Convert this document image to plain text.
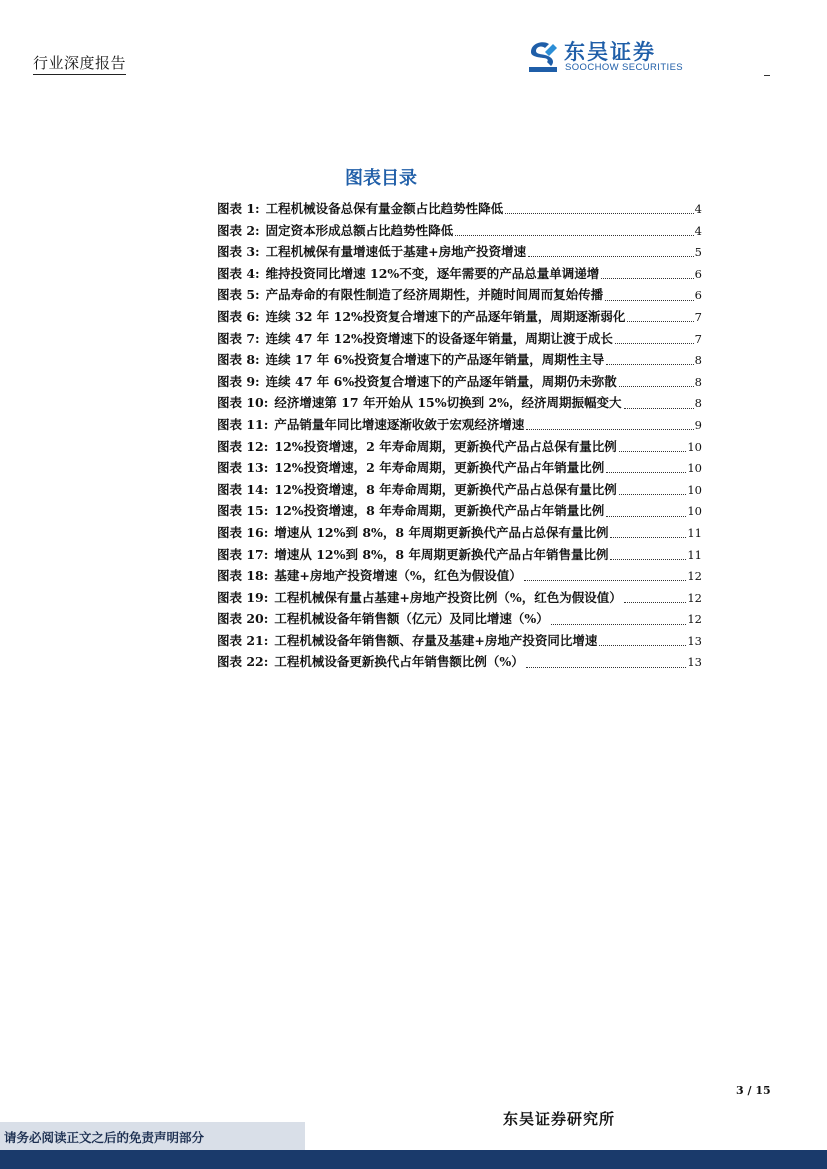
行业深度报告	东吴证券
SOOCHOW SECURITIES
图表目录
图表 1: 工程机械设备总保有量金额占比趋势性降低	4
图表 2: 固定资本形成总额占比趋势性降低	4
图表 3: 工程机械保有量增速低于基建+房地产投资增速	5
图表 4: 维持投资同比增速 12%不变，逐年需要的产品总量单调递增	6
图表 5: 产品寿命的有限性制造了经济周期性，并随时间周而复始传播	6
图表 6: 连续 32 年 12%投资复合增速下的产品逐年销量，周期逐渐弱化	7
图表 7: 连续 47 年 12%投资增速下的设备逐年销量，周期让渡于成长	7
图表 8: 连续 17 年 6%投资复合增速下的产品逐年销量，周期性主导	8
图表 9: 连续 47 年 6%投资复合增速下的产品逐年销量，周期仍未弥散	8
图表 10: 经济增速第 17 年开始从 15%切换到 2%，经济周期振幅变大	8
图表 11: 产品销量年同比增速逐渐收敛于宏观经济增速	9
图表 12: 12%投资增速，2 年寿命周期，更新换代产品占总保有量比例	10
图表 13: 12%投资增速，2 年寿命周期，更新换代产品占年销量比例	10
图表 14: 12%投资增速，8 年寿命周期，更新换代产品占总保有量比例	10
图表 15: 12%投资增速，8 年寿命周期，更新换代产品占年销量比例	10
图表 16: 增速从 12%到 8%，8 年周期更新换代产品占总保有量比例	11
图表 17: 增速从 12%到 8%，8 年周期更新换代产品占年销售量比例	11
图表 18: 基建+房地产投资增速（%，红色为假设值）	12
图表 19: 工程机械保有量占基建+房地产投资比例（%，红色为假设值）	12
图表 20: 工程机械设备年销售额（亿元）及同比增速（%）	12
图表 21: 工程机械设备年销售额、存量及基建+房地产投资同比增速	13
图表 22: 工程机械设备更新换代占年销售额比例（%）	13
3 / 15
东吴证券研究所
请务必阅读正文之后的免责声明部分
